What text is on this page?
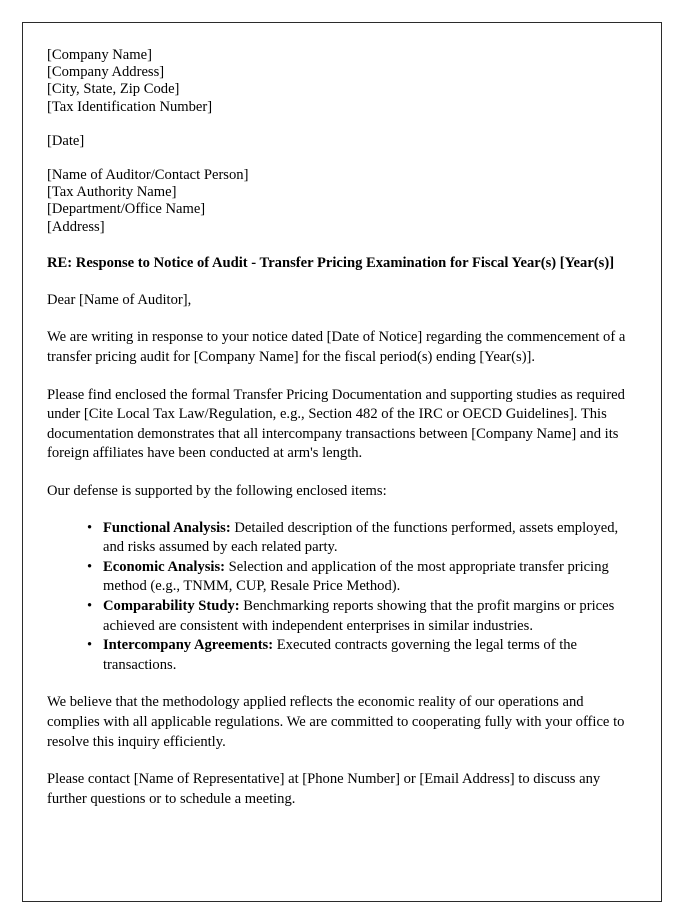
[Company Name]
[Company Address]
[City, State, Zip Code]
[Tax Identification Number]
[Date]
[Name of Auditor/Contact Person]
[Tax Authority Name]
[Department/Office Name]
[Address]

RE: Response to Notice of Audit - Transfer Pricing Examination for Fiscal Year(s) [Year(s)]

Dear [Name of Auditor],

We are writing in response to your notice dated [Date of Notice] regarding the commencement of a transfer pricing audit for [Company Name] for the fiscal period(s) ending [Year(s)].

Please find enclosed the formal Transfer Pricing Documentation and supporting studies as required under [Cite Local Tax Law/Regulation, e.g., Section 482 of the IRC or OECD Guidelines]. This documentation demonstrates that all intercompany transactions between [Company Name] and its foreign affiliates have been conducted at arm's length.

Our defense is supported by the following enclosed items:

• Functional Analysis: Detailed description of the functions performed, assets employed, and risks assumed by each related party.
• Economic Analysis: Selection and application of the most appropriate transfer pricing method (e.g., TNMM, CUP, Resale Price Method).
• Comparability Study: Benchmarking reports showing that the profit margins or prices achieved are consistent with independent enterprises in similar industries.
• Intercompany Agreements: Executed contracts governing the legal terms of the transactions.

We believe that the methodology applied reflects the economic reality of our operations and complies with all applicable regulations. We are committed to cooperating fully with your office to resolve this inquiry efficiently.

Please contact [Name of Representative] at [Phone Number] or [Email Address] to discuss any further questions or to schedule a meeting.
